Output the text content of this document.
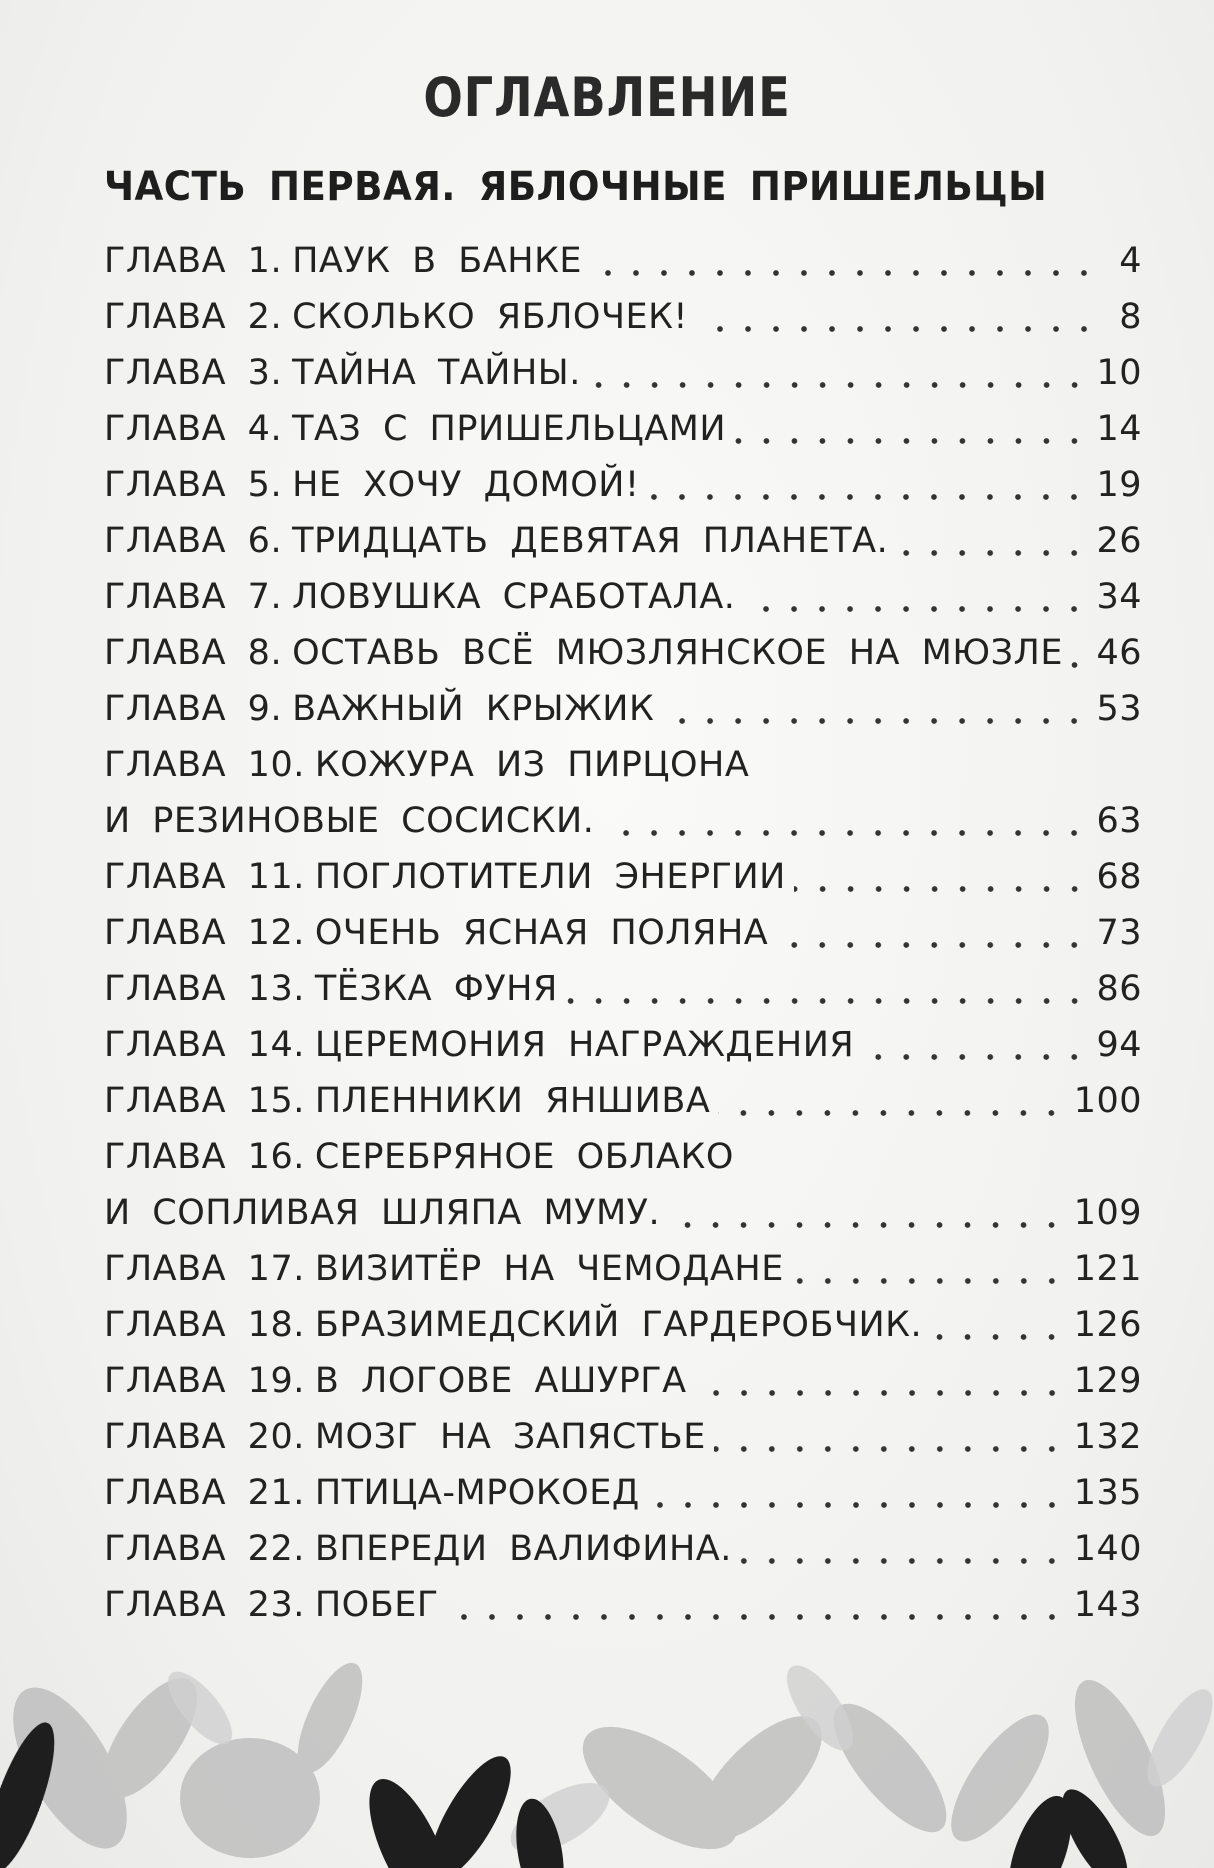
ОГЛАВЛЕНИЕ
ЧАСТЬ ПЕРВАЯ. ЯБЛОЧНЫЕ ПРИШЕЛЬЦЫ
ГЛАВА 1. ПАУК В БАНКЕ	4
ГЛАВА 2. СКОЛЬКО ЯБЛОЧЕК!	8
ГЛАВА 3. ТАЙНА ТАЙНЫ.	10
ГЛАВА 4. ТАЗ С ПРИШЕЛЬЦАМИ	14
ГЛАВА 5. НЕ ХОЧУ ДОМОЙ!	19
ГЛАВА 6. ТРИДЦАТЬ ДЕВЯТАЯ ПЛАНЕТА.	26
ГЛАВА 7. ЛОВУШКА СРАБОТАЛА.	34
ГЛАВА 8. ОСТАВЬ ВСЁ МЮЗЛЯНСКОЕ НА МЮЗЛЕ 46
ГЛАВА 9. ВАЖНЫЙ КРЫЖИК	53
ГЛАВА 10. КОЖУРА ИЗ ПИРЦОНА
И РЕЗИНОВЫЕ СОСИСКИ.	63
ГЛАВА 11. ПОГЛОТИТЕЛИ ЭНЕРГИИ	68
ГЛАВА 12. ОЧЕНЬ ЯСНАЯ ПОЛЯНА	73
ГЛАВА 13. ТЁЗКА ФУНЯ	86
ГЛАВА 14. ЦЕРЕМОНИЯ НАГРАЖДЕНИЯ	94
ГЛАВА 15. ПЛЕННИКИ ЯНШИВА	100
ГЛАВА 16. СЕРЕБРЯНОЕ ОБЛАКО
И СОПЛИВАЯ ШЛЯПА МУМУ.	109
ГЛАВА 17. ВИЗИТЁР НА ЧЕМОДАНЕ	121
ГЛАВА 18. БРАЗИМЕДСКИЙ ГАРДЕРОБЧИК.	126
ГЛАВА 19. В ЛОГОВЕ АШУРГА	129
ГЛАВА 20. МОЗГ НА ЗАПЯСТЬЕ	132
ГЛАВА 21. ПТИЦА-МРОКОЕД	135
ГЛАВА 22. ВПЕРЕДИ ВАЛИФИНА.	140
ГЛАВА 23. ПОБЕГ	143
